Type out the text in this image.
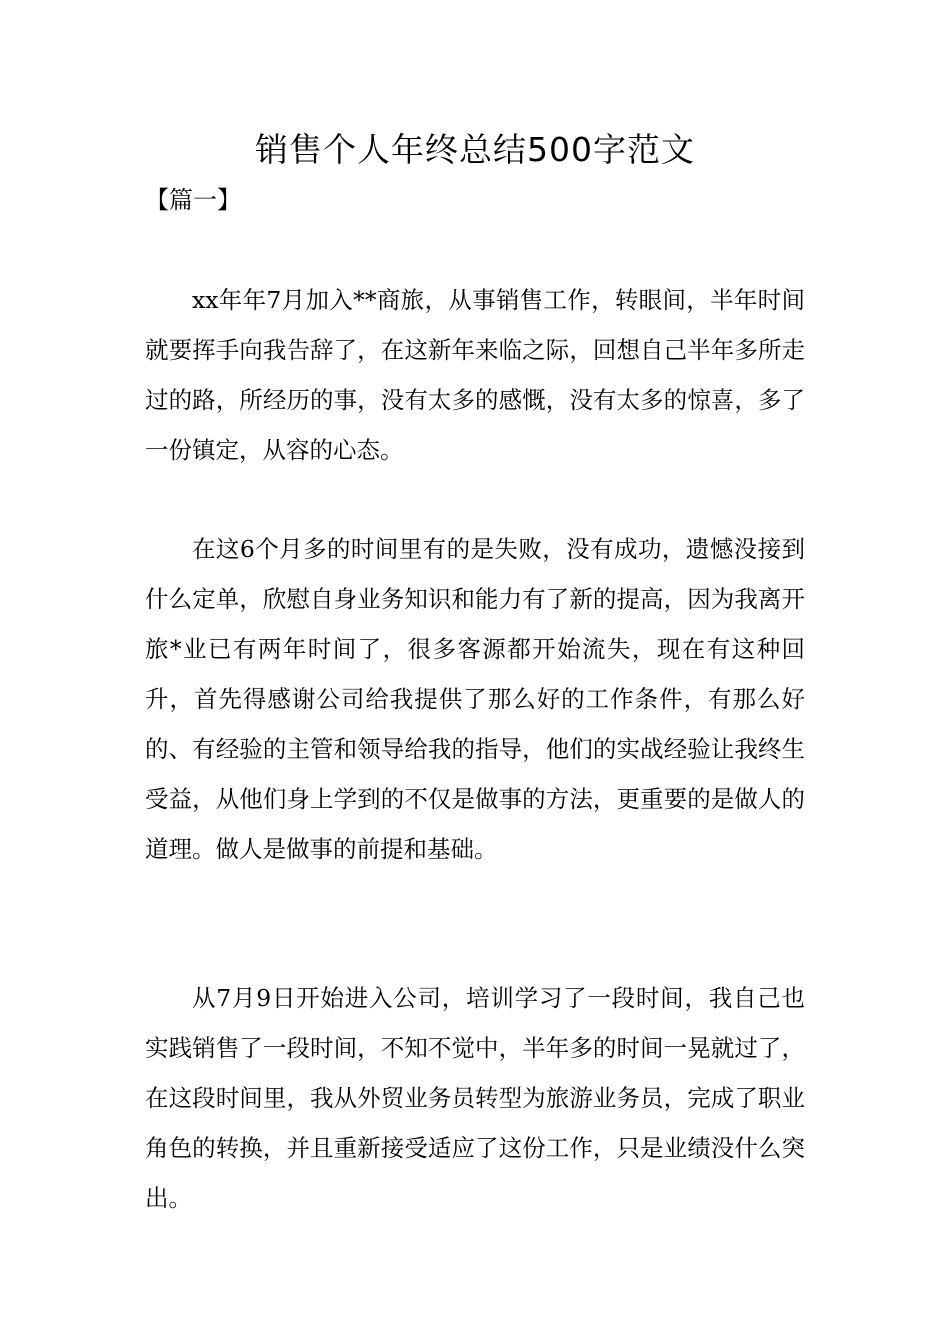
销售个人年终总结500字范文
【篇一】

xx年年7月加入**商旅，从事销售工作，转眼间，半年时间就要挥手向我告辞了，在这新年来临之际，回想自己半年多所走过的路，所经历的事，没有太多的感慨，没有太多的惊喜，多了一份镇定，从容的心态。

在这6个月多的时间里有的是失败，没有成功，遗憾没接到什么定单，欣慰自身业务知识和能力有了新的提高，因为我离开旅*业已有两年时间了，很多客源都开始流失，现在有这种回升，首先得感谢公司给我提供了那么好的工作条件，有那么好的、有经验的主管和领导给我的指导，他们的实战经验让我终生受益，从他们身上学到的不仅是做事的方法，更重要的是做人的道理。做人是做事的前提和基础。

从7月9日开始进入公司，培训学习了一段时间，我自己也实践销售了一段时间，不知不觉中，半年多的时间一晃就过了，在这段时间里，我从外贸业务员转型为旅游业务员，完成了职业角色的转换，并且重新接受适应了这份工作，只是业绩没什么突出。
